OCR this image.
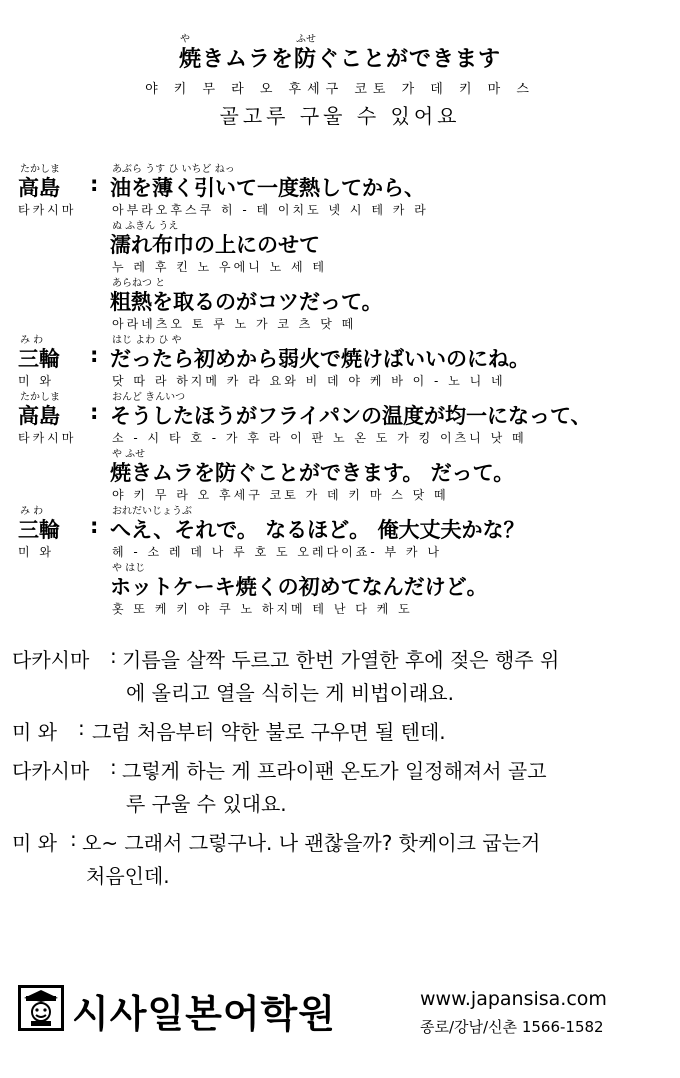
や	ふせ
焼きムラを防ぐことができます
야 키 무 라 오 후세구 코토 가 데 키 마 스
골고루 구울 수 있어요
たかしま
高島 :
타카시마
あぶら うす ひ いちど ねっ
油を薄く引いて一度熱してから、
아부라오후스쿠 히 - 테 이치도 넷 시 테 카 라
ぬ ふきん うえ
濡れ布巾の上にのせて
누 레 후 킨 노 우에니 노 세 테
あらねつ と
粗熱を取るのがコツだって。
아라네츠오 토 루 노 가 코 츠 닷 떼
み わ
三輪 :
미 와
はじ よわ ひ や
だったら初めから弱火で焼けばいいのにね。
닷 따 라 하지메 카 라 요와 비 데 야 케 바 이 - 노 니 네
たかしま
高島 :
타카시마
おんど きんいつ
そうしたほうがフライパンの温度が均一になって、
소 - 시 타 호 - 가 후 라 이 판 노 온 도 가 킹 이츠니 낫 떼
や ふせ
焼きムラを防ぐことができます。 だって。
야 키 무 라 오 후세구 코토 가 데 키 마 스 닷 떼
み わ
三輪 :
미 와
おれだいじょうぶ
へえ、それで。 なるほど。 俺大丈夫かな？
헤 - 소 레 데 나 루 호 도 오레다이죠- 부 카 나
や はじ
ホットケーキ焼くの初めてなんだけど。
홋 또 케 키 야 쿠 노 하지메 테 난 다 케 도
다카시마 : 기름을 살짝 두르고 한번 가열한 후에 젖은 행주 위
에 올리고 열을 식히는 게 비법이래요.
미 와 : 그럼 처음부터 약한 불로 구우면 될 텐데.
다카시마 : 그렇게 하는 게 프라이팬 온도가 일정해져서 골고
루 구울 수 있대요.
미 와 : 오~ 그래서 그렇구나. 나 괜찮을까? 핫케이크 굽는거
처음인데.
시사일본어학원	www.japansisa.com
종로/강남/신촌 1566-1582
